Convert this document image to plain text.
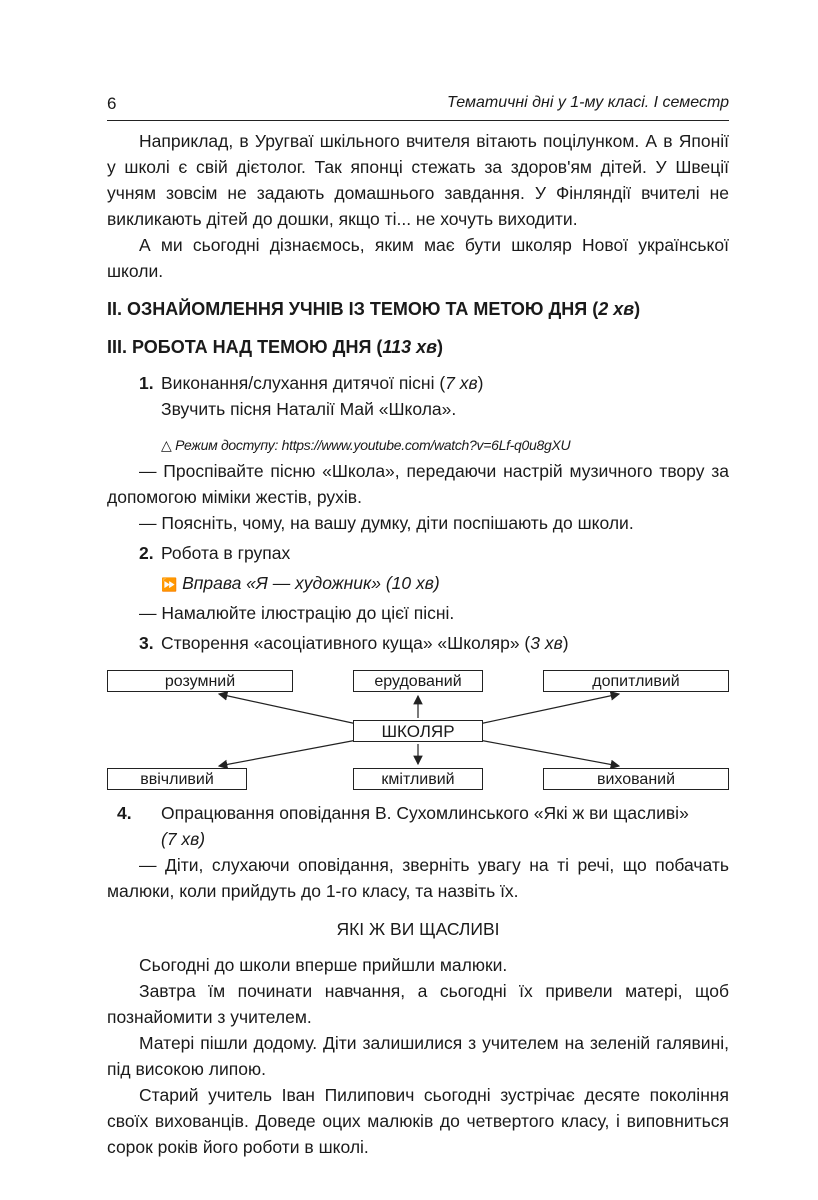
6	Тематичні дні у 1-му класі. І семестр

Наприклад, в Уругваї шкільного вчителя вітають поцілунком. А в Японії у школі є свій дієтолог. Так японці стежать за здоров'ям дітей. У Швеції учням зовсім не задають домашнього завдання. У Фінляндії вчителі не викликають дітей до дошки, якщо ті... не хочуть виходити.

А ми сьогодні дізнаємось, яким має бути школяр Нової української школи.

II. ОЗНАЙОМЛЕННЯ УЧНІВ ІЗ ТЕМОЮ ТА МЕТОЮ ДНЯ (2 хв)

III. РОБОТА НАД ТЕМОЮ ДНЯ (113 хв)

1. Виконання/слухання дитячої пісні (7 хв)

Звучить пісня Наталії Май «Школа».

△ Режим доступу: https://www.youtube.com/watch?v=6Lf-q0u8gXU

— Проспівайте пісню «Школа», передаючи настрій музичного твору за допомогою міміки жестів, рухів.

— Поясніть, чому, на вашу думку, діти поспішають до школи.

2. Робота в групах

⏩ Вправа «Я — художник» (10 хв)

— Намалюйте ілюстрацію до цієї пісні.

3. Створення «асоціативного куща» «Школяр» (3 хв)

розумний	ерудований	допитливий
ШКОЛЯР
ввічливий	кмітливий	вихований

4. Опрацювання оповідання В. Сухомлинського «Які ж ви щасливі»

(7 хв)

— Діти, слухаючи оповідання, зверніть увагу на ті речі, що побачать малюки, коли прийдуть до 1-го класу, та назвіть їх.

ЯКІ Ж ВИ ЩАСЛИВІ

Сьогодні до школи вперше прийшли малюки.

Завтра їм починати навчання, а сьогодні їх привели матері, щоб познайомити з учителем.

Матері пішли додому. Діти залишилися з учителем на зеленій галявині, під високою липою.

Старий учитель Іван Пилипович сьогодні зустрічає десяте покоління своїх вихованців. Доведе оцих малюків до четвертого класу, і виповниться сорок років його роботи в школі.
